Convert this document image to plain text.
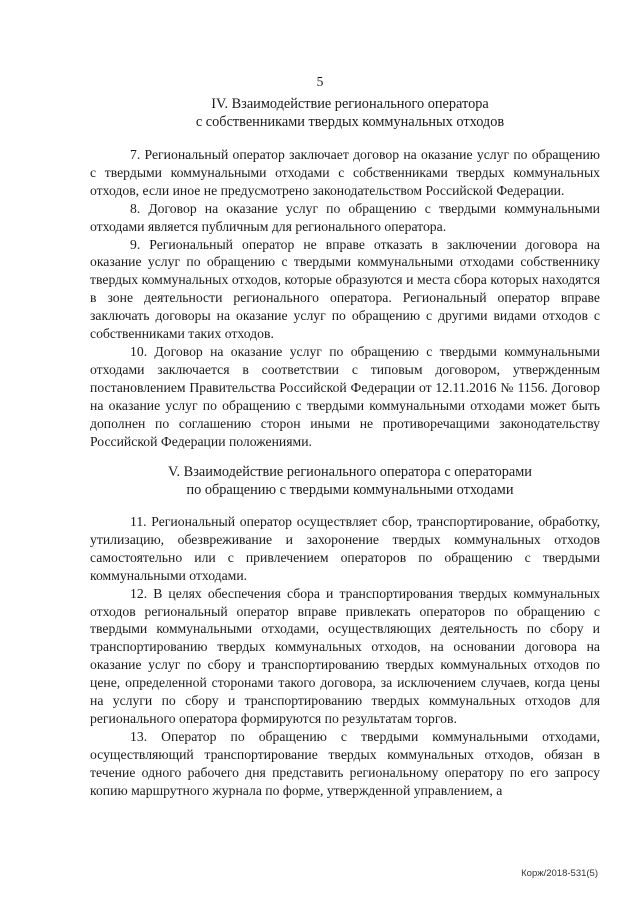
5

IV. Взаимодействие регионального оператора

с собственниками твердых коммунальных отходов

7. Региональный оператор заключает договор на оказание услуг по обращению с твердыми коммунальными отходами с собственниками твердых коммунальных отходов, если иное не предусмотрено законодательством Российской Федерации.

8. Договор на оказание услуг по обращению с твердыми коммунальными отходами является публичным для регионального оператора.

9. Региональный оператор не вправе отказать в заключении договора на оказание услуг по обращению с твердыми коммунальными отходами собственнику твердых коммунальных отходов, которые образуются и места сбора которых находятся в зоне деятельности регионального оператора. Региональный оператор вправе заключать договоры на оказание услуг по обращению с другими видами отходов с собственниками таких отходов.

10. Договор на оказание услуг по обращению с твердыми коммунальными отходами заключается в соответствии с типовым договором, утвержденным постановлением Правительства Российской Федерации от 12.11.2016 № 1156. Договор на оказание услуг по обращению с твердыми коммунальными отходами может быть дополнен по соглашению сторон иными не противоречащими законодательству Российской Федерации положениями.

V. Взаимодействие регионального оператора с операторами

по обращению с твердыми коммунальными отходами

11. Региональный оператор осуществляет сбор, транспортирование, обработку, утилизацию, обезвреживание и захоронение твердых коммунальных отходов самостоятельно или с привлечением операторов по обращению с твердыми коммунальными отходами.

12. В целях обеспечения сбора и транспортирования твердых коммунальных отходов региональный оператор вправе привлекать операторов по обращению с твердыми коммунальными отходами, осуществляющих деятельность по сбору и транспортированию твердых коммунальных отходов, на основании договора на оказание услуг по сбору и транспортированию твердых коммунальных отходов по цене, определенной сторонами такого договора, за исключением случаев, когда цены на услуги по сбору и транспортированию твердых коммунальных отходов для регионального оператора формируются по результатам торгов.

13. Оператор по обращению с твердыми коммунальными отходами, осуществляющий транспортирование твердых коммунальных отходов, обязан в течение одного рабочего дня представить региональному оператору по его запросу копию маршрутного журнала по форме, утвержденной управлением, а

Корж/2018-531(5)
